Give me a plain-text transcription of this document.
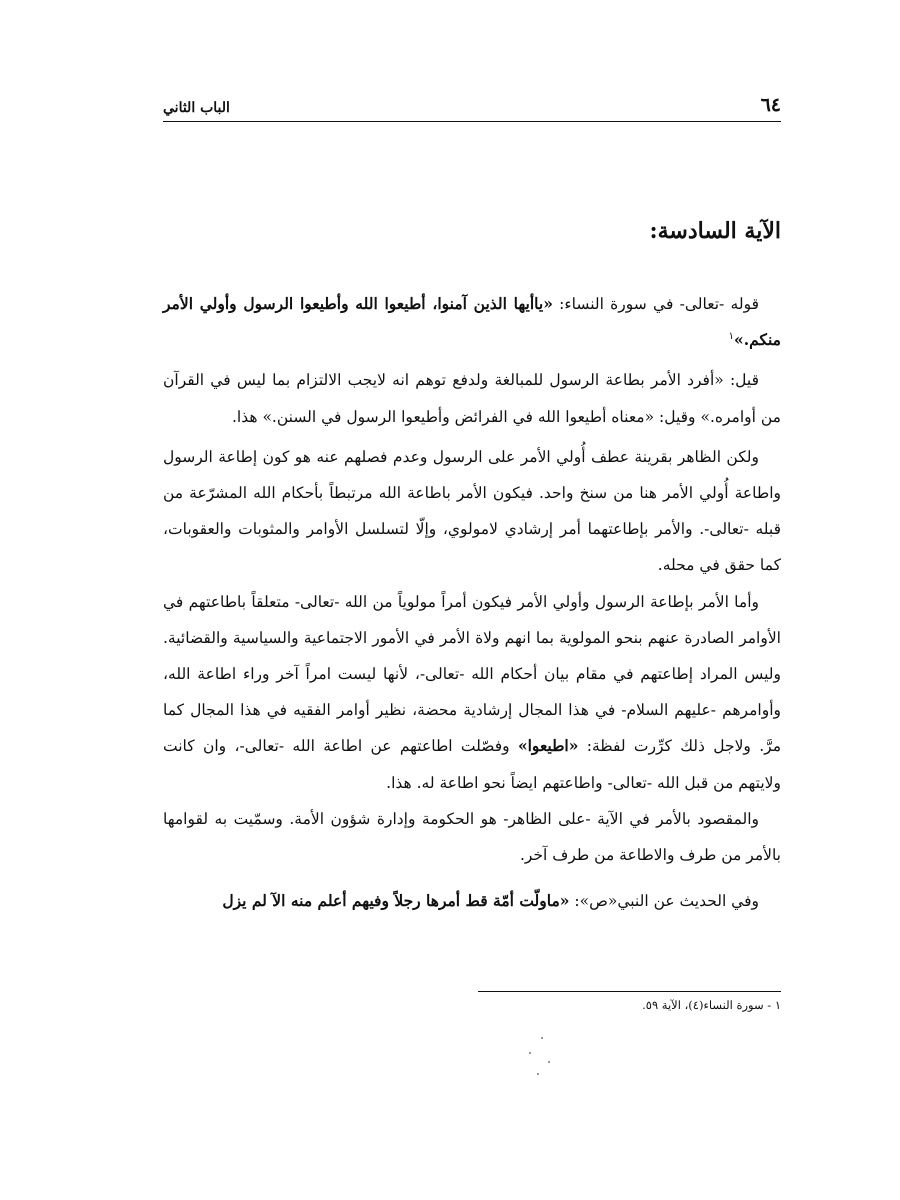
٦٤
الباب الثاني
الآية السادسة:

قوله -تعالى- في سورة النساء: «ياأيها الذين آمنوا، أطيعوا الله وأطيعوا الرسول وأولي الأمر منكم.»$^١$

قيل: «أفرد الأمر بطاعة الرسول للمبالغة ولدفع توهم انه لايجب الالتزام بما ليس في القرآن من أوامره.» وقيل: «معناه أطيعوا الله في الفرائض وأطيعوا الرسول في السنن.» هذا.

ولكن الظاهر بقرينة عطف أُولي الأمر على الرسول وعدم فصلهم عنه هو كون إطاعة الرسول واطاعة أُولي الأمر هنا من سنخ واحد. فيكون الأمر باطاعة الله مرتبطاً بأحكام الله المشرّعة من قبله -تعالى-. والأمر بإطاعتهما أمر إرشادي لامولوي، وإلّا لتسلسل الأوامر والمثوبات والعقوبات، كما حقق في محله.

وأما الأمر بإطاعة الرسول وأولي الأمر فيكون أمراً مولوياً من الله -تعالى- متعلقاً باطاعتهم في الأوامر الصادرة عنهم بنحو المولوية بما انهم ولاة الأمر في الأمور الاجتماعية والسياسية والقضائية. وليس المراد إطاعتهم في مقام بيان أحكام الله -تعالى-، لأنها ليست امراً آخر وراء اطاعة الله، وأوامرهم -عليهم السلام- في هذا المجال إرشادية محضة، نظير أوامر الفقيه في هذا المجال كما مرَّ. ولاجل ذلك كرِّرت لفظة: «اطيعوا» وفصّلت اطاعتهم عن اطاعة الله -تعالى-، وان كانت ولايتهم من قبل الله -تعالى- واطاعتهم ايضاً نحو اطاعة له. هذا.

والمقصود بالأمر في الآية -على الظاهر- هو الحكومة وإدارة شؤون الأمة. وسمّيت به لقوامها بالأمر من طرف والاطاعة من طرف آخر.

وفي الحديث عن النبي«ص»: «ماولّت أمّة قط أمرها رجلاً وفيهم أعلم منه الآ لم يزل

١ - سورة النساء(٤)، الآية ٥٩.
